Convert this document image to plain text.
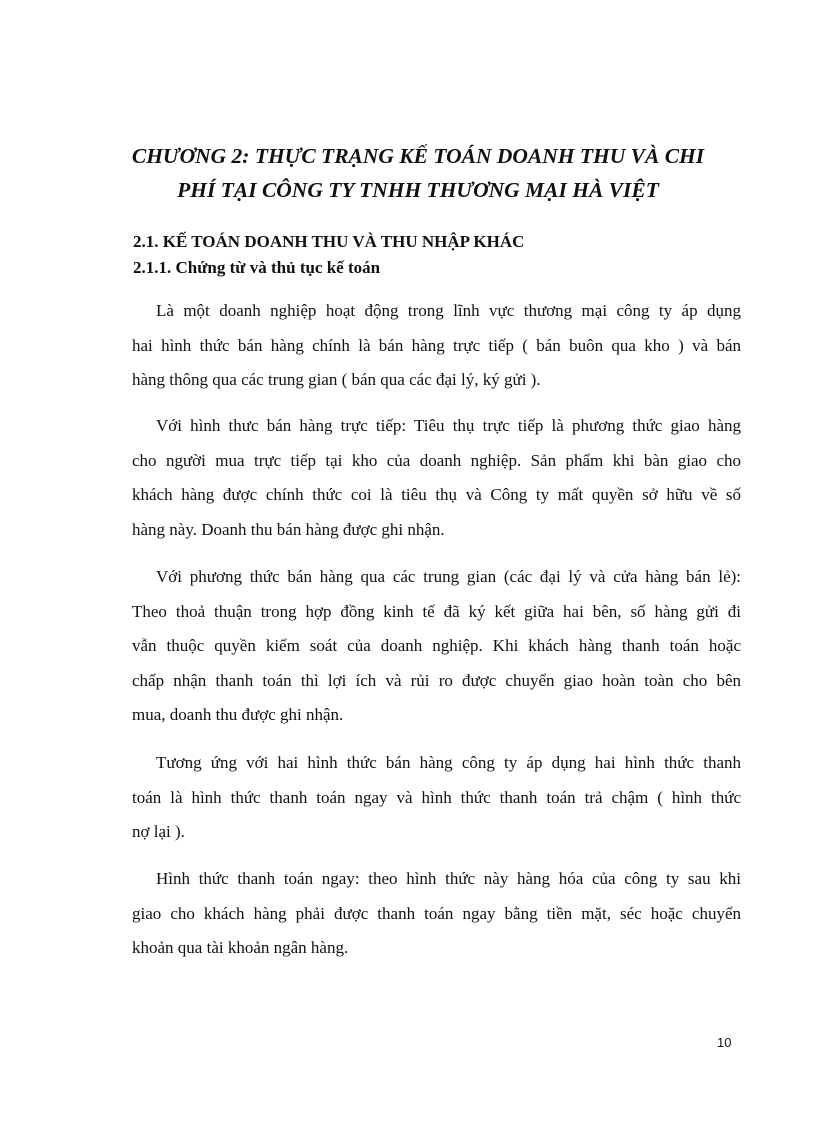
CHƯƠNG 2: THỰC TRẠNG KẾ TOÁN DOANH THU VÀ CHI
PHÍ TẠI CÔNG TY TNHH THƯƠNG MẠI HÀ VIỆT
2.1. KẾ TOÁN DOANH THU VÀ THU NHẬP KHÁC
2.1.1. Chứng từ và thủ tục kế toán

Là một doanh nghiệp hoạt động trong lĩnh vực thương mại công ty áp dụng
hai hình thức bán hàng chính là bán hàng trực tiếp ( bán buôn qua kho ) và bán
hàng thông qua các trung gian ( bán qua các đại lý, ký gửi ).

Với hình thưc bán hàng trực tiếp: Tiêu thụ trực tiếp là phương thức giao hàng
cho người mua trực tiếp tại kho của doanh nghiệp. Sản phẩm khi bàn giao cho
khách hàng được chính thức coi là tiêu thụ và Công ty mất quyền sở hữu về số
hàng này. Doanh thu bán hàng được ghi nhận.

Với phương thức bán hàng qua các trung gian (các đại lý và cửa hàng bán lẻ):
Theo thoả thuận trong hợp đồng kinh tế đã ký kết giữa hai bên, số hàng gửi đi
vẫn thuộc quyền kiểm soát của doanh nghiệp. Khi khách hàng thanh toán hoặc
chấp nhận thanh toán thì lợi ích và rủi ro được chuyển giao hoàn toàn cho bên
mua, doanh thu được ghi nhận.

Tương ứng với hai hình thức bán hàng công ty áp dụng hai hình thức thanh
toán là hình thức thanh toán ngay và hình thức thanh toán trả chậm ( hình thức
nợ lại ).

Hình thức thanh toán ngay: theo hình thức này hàng hóa của công ty sau khi
giao cho khách hàng phải được thanh toán ngay bằng tiền mặt, séc hoặc chuyển
khoản qua tài khoản ngân hàng.

10
